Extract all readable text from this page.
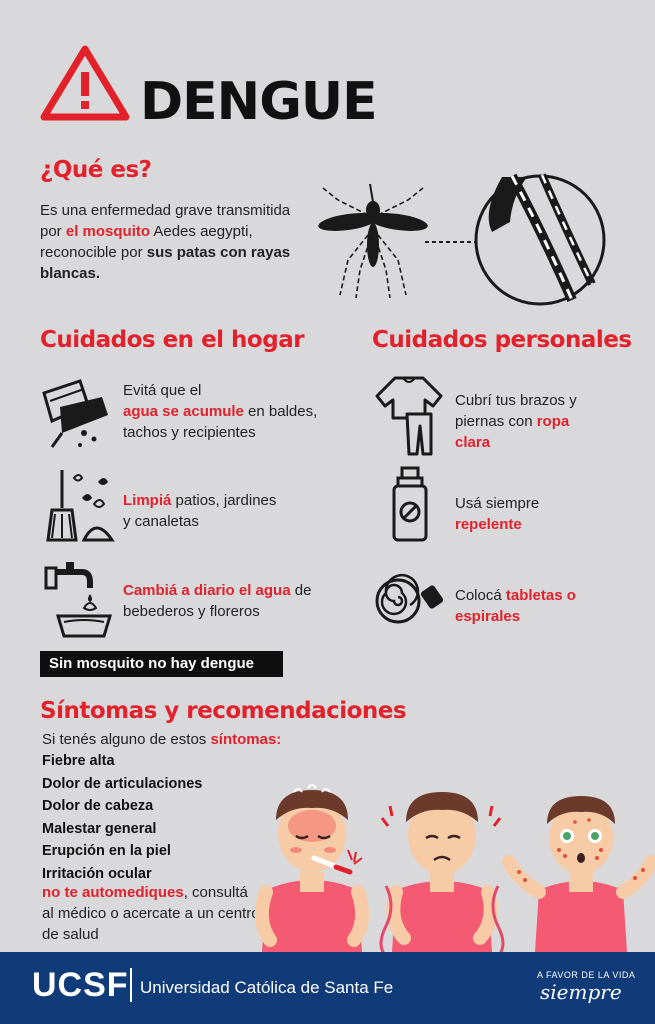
DENGUE
¿Qué es?
Es una enfermedad grave transmitida
por el mosquito Aedes aegypti,
reconocible por sus patas con rayas
blancas.
Cuidados en el hogar
Evitá que el
agua se acumule en baldes,
tachos y recipientes
Limpiá patios, jardines
y canaletas
Cambiá a diario el agua de
bebederos y floreros
Cuidados personales
Cubrí tus brazos y
piernas con ropa
clara
Usá siempre
repelente
Colocá tabletas o
espirales
Sin mosquito no hay dengue
Síntomas y recomendaciones
Si tenés alguno de estos síntomas:
Fiebre alta
Dolor de articulaciones
Dolor de cabeza
Malestar general
Erupción en la piel
Irritación ocular
no te automediques, consultá
al médico o acercate a un centro
de salud
UCSF Universidad Católica de Santa Fe
A FAVOR DE LA VIDA
siempre
